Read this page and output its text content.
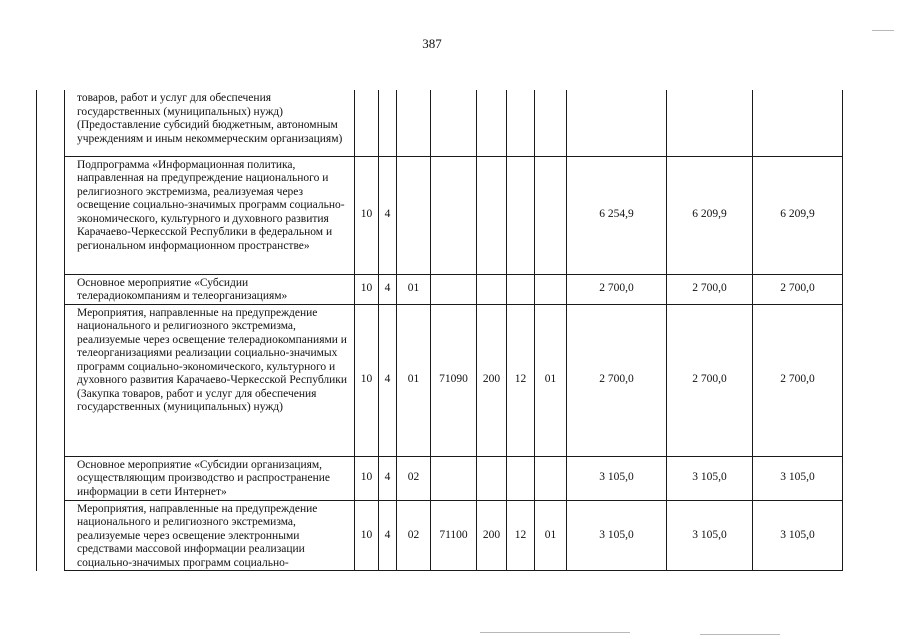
387
	товаров, работ и услуг для обеспечения государственных (муниципальных) нужд) (Предоставление субсидий бюджетным, автономным учреждениям и иным некоммерческим организациям)										
	Подпрограмма «Информационная политика, направленная на предупреждение национального и религиозного экстремизма, реализуемая через освещение социально-значимых программ социально-экономического, культурного и духовного развития Карачаево-Черкесской Республики в федеральном и региональном информационном пространстве»	10	4						6 254,9	6 209,9	6 209,9
	Основное мероприятие «Субсидии телерадиокомпаниям и телеорганизациям»	10	4	01					2 700,0	2 700,0	2 700,0
	Мероприятия, направленные на предупреждение национального и религиозного экстремизма, реализуемые через освещение телерадиокомпаниями и телеорганизациями реализации социально-значимых программ социально-экономического, культурного и духовного развития Карачаево-Черкесской Республики (Закупка товаров, работ и услуг для обеспечения государственных (муниципальных) нужд)	10	4	01	71090	200	12	01	2 700,0	2 700,0	2 700,0
	Основное мероприятие «Субсидии организациям, осуществляющим производство и распространение информации в сети Интернет»	10	4	02					3 105,0	3 105,0	3 105,0
	Мероприятия, направленные на предупреждение национального и религиозного экстремизма, реализуемые через освещение электронными средствами массовой информации реализации социально-значимых программ социально-	10	4	02	71100	200	12	01	3 105,0	3 105,0	3 105,0
